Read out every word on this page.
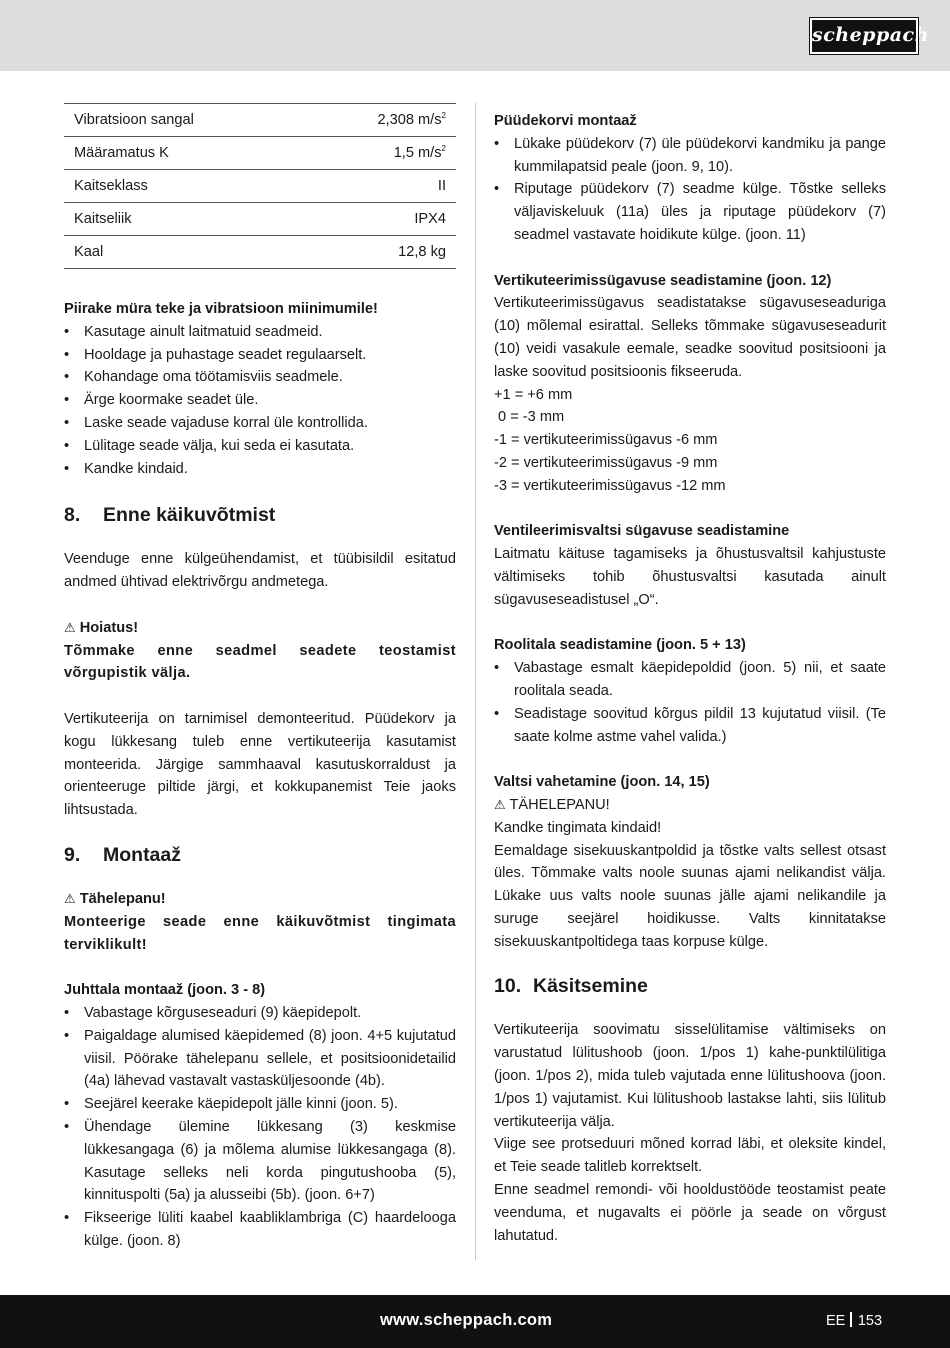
scheppach
Vibratsioon sangal	2,308 $m/s^2$
Määramatus K	1,5 $m/s^2$
Kaitseklass	II
Kaitseliik	IPX4
Kaal	12,8 kg

Piirake müra teke ja vibratsioon miinimumile!

• Kasutage ainult laitmatuid seadmeid.
• Hooldage ja puhastage seadet regulaarselt.
• Kohandage oma töötamisviis seadmele.
• Ärge koormake seadet üle.
• Laske seade vajaduse korral üle kontrollida.
• Lülitage seade välja, kui seda ei kasutata.
• Kandke kindaid.
8. Enne käikuvõtmist

Veenduge enne külgeühendamist, et tüübisildil esitatud andmed ühtivad elektrivõrgu andmetega.

⚠ Hoiatus!

Tõmmake enne seadmel seadete teostamist võrgupistik välja.

Vertikuteerija on tarnimisel demonteeritud. Püüdekorv ja kogu lükkesang tuleb enne vertikuteerija kasutamist monteerida. Järgige sammhaaval kasutuskorraldust ja orienteeruge piltide järgi, et kokkupanemist Teie jaoks lihtsustada.

9. Montaaž

⚠ Tähelepanu!

Monteerige seade enne käikuvõtmist tingimata terviklikult!

Juhttala montaaž (joon. 3 - 8)

• Vabastage kõrguseseaduri (9) käepidepolt.
• Paigaldage alumised käepidemed (8) joon. 4+5 kujutatud viisil. Pöörake tähelepanu sellele, et positsioonidetailid (4a) lähevad vastavalt vastasküljesoonde (4b).
• Seejärel keerake käepidepolt jälle kinni (joon. 5).
• Ühendage ülemine lükkesang (3) keskmise lükkesangaga (6) ja mõlema alumise lükkesangaga (8). Kasutage selleks neli korda pingutushooba (5), kinnituspolti (5a) ja alusseibi (5b). (joon. 6+7)
• Fikseerige lüliti kaabel kaabliklambriga (C) haardelooga külge. (joon. 8)

Püüdekorvi montaaž

• Lükake püüdekorv (7) üle püüdekorvi kandmiku ja pange kummilapatsid peale (joon. 9, 10).
• Riputage püüdekorv (7) seadme külge. Tõstke selleks väljaviskeluuk (11a) üles ja riputage püüdekorv (7) seadmel vastavate hoidikute külge. (joon. 11)

Vertikuteerimissügavuse seadistamine (joon. 12)

Vertikuteerimissügavus seadistatakse sügavuseseaduriga (10) mõlemal esirattal. Selleks tõmmake sügavuseseadurit (10) veidi vasakule eemale, seadke soovitud positsiooni ja laske soovitud positsioonis fikseeruda.

+1 = +6 mm

0 = -3 mm

-1 = vertikuteerimissügavus -6 mm

-2 = vertikuteerimissügavus -9 mm

-3 = vertikuteerimissügavus -12 mm

Ventileerimisvaltsi sügavuse seadistamine

Laitmatu käituse tagamiseks ja õhustusvaltsil kahjustuste vältimiseks tohib õhustusvaltsi kasutada ainult sügavuseseadistusel „O“.

Roolitala seadistamine (joon. 5 + 13)

• Vabastage esmalt käepidepoldid (joon. 5) nii, et saate roolitala seada.
• Seadistage soovitud kõrgus pildil 13 kujutatud viisil. (Te saate kolme astme vahel valida.)

Valtsi vahetamine (joon. 14, 15)

⚠ TÄHELEPANU!

Kandke tingimata kindaid!

Eemaldage sisekuuskantpoldid ja tõstke valts sellest otsast üles. Tõmmake valts noole suunas ajami nelikandist välja. Lükake uus valts noole suunas jälle ajami nelikandile ja suruge seejärel hoidikusse. Valts kinnitatakse sisekuuskantpoltidega taas korpuse külge.

10. Käsitsemine

Vertikuteerija soovimatu sisselülitamise vältimiseks on varustatud lülitushoob (joon. 1/pos 1) kahe-punktilülitiga (joon. 1/pos 2), mida tuleb vajutada enne lülitushoova (joon. 1/pos 1) vajutamist. Kui lülitushoob lastakse lahti, siis lülitub vertikuteerija välja.

Viige see protseduuri mõned korrad läbi, et oleksite kindel, et Teie seade talitleb korrektselt.

Enne seadmel remondi- või hooldustööde teostamist peate veenduma, et nugavalts ei pöörle ja seade on võrgust lahutatud.

www.scheppach.com	EE 153
